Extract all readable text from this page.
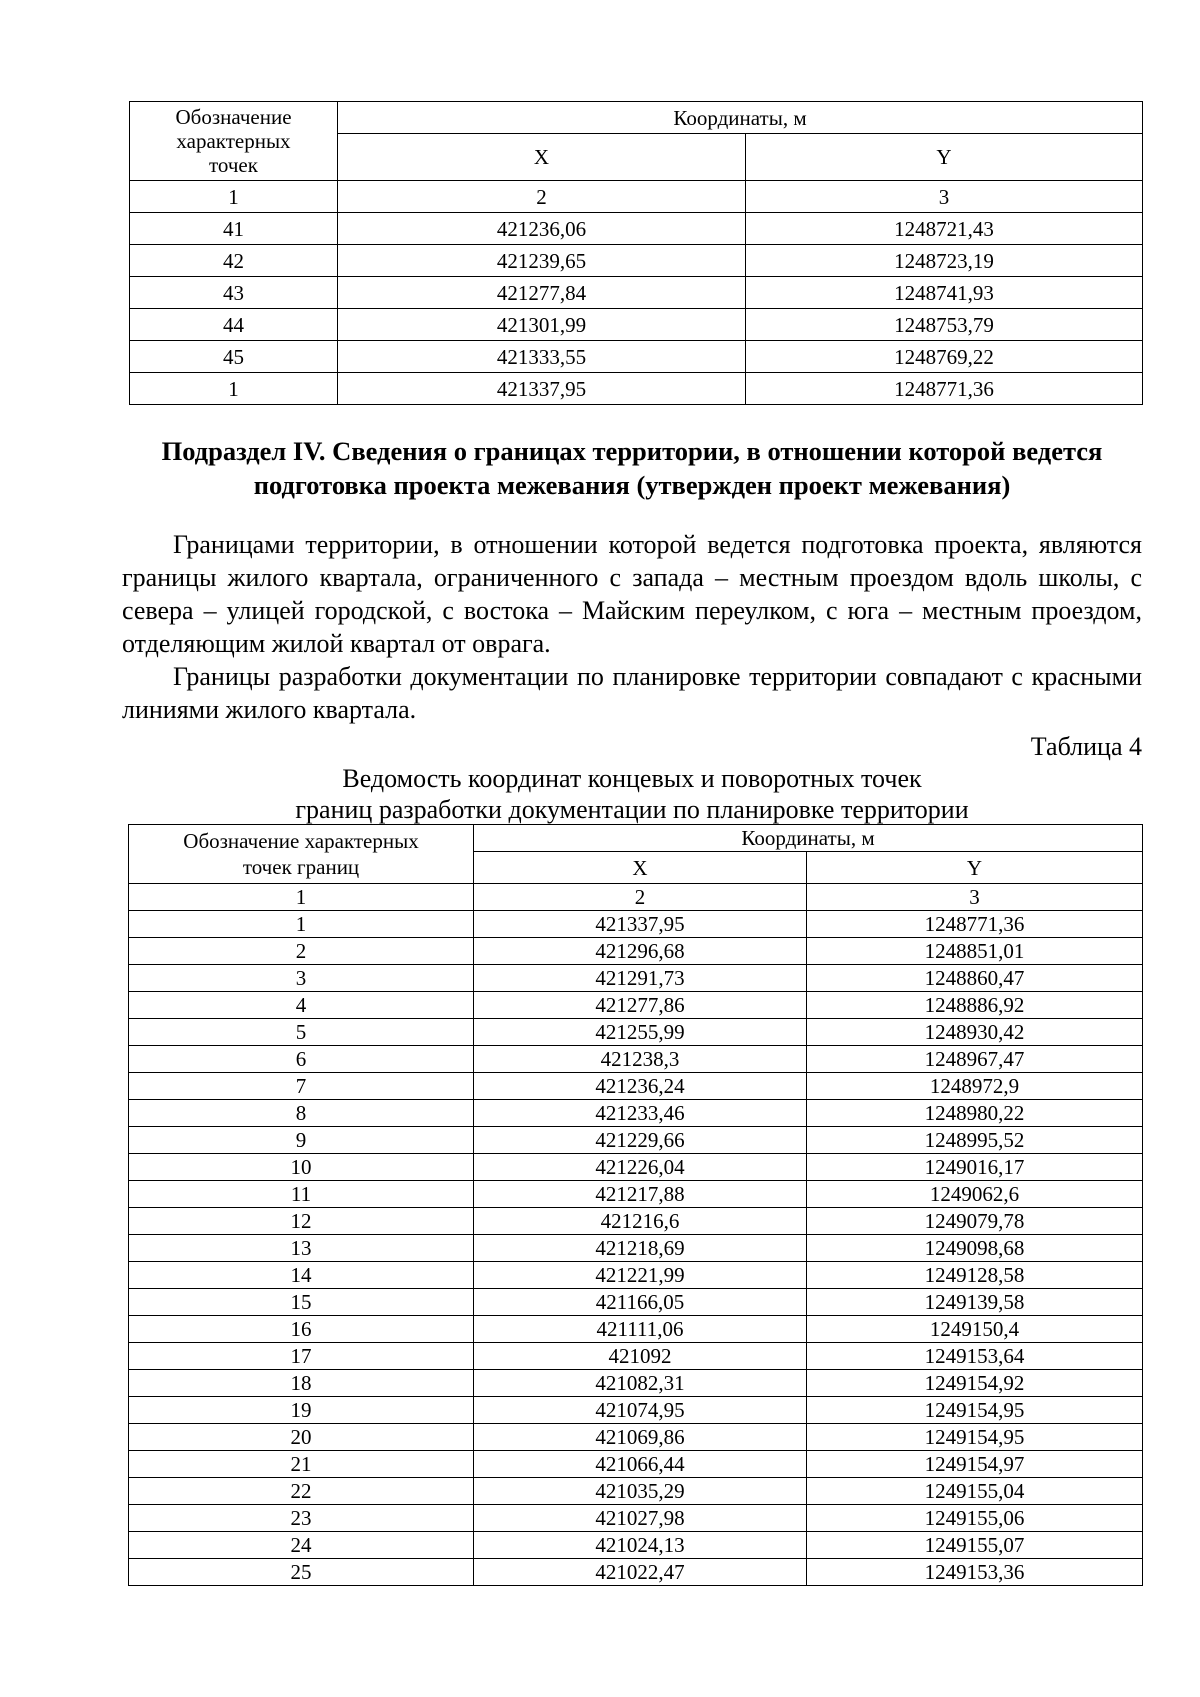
Обозначение характерных точек	Координаты, м	
	X	Y
1	2	3
41	421236,06	1248721,43
42	421239,65	1248723,19
43	421277,84	1248741,93
44	421301,99	1248753,79
45	421333,55	1248769,22
1	421337,95	1248771,36
Подраздел IV. Сведения о границах территории, в отношении которой ведется подготовка проекта межевания (утвержден проект межевания)

Границами территории, в отношении которой ведется подготовка проекта, являются границы жилого квартала, ограниченного с запада – местным проездом вдоль школы, с севера – улицей городской, с востока – Майским переулком, с юга – местным проездом, отделяющим жилой квартал от оврага.

Границы разработки документации по планировке территории совпадают с красными линиями жилого квартала.

Таблица 4
Ведомость координат концевых и поворотных точек
границ разработки документации по планировке территории
Обозначение характерных точек границ	Координаты, м	
	X	Y
1	2	3
1	421337,95	1248771,36
2	421296,68	1248851,01
3	421291,73	1248860,47
4	421277,86	1248886,92
5	421255,99	1248930,42
6	421238,3	1248967,47
7	421236,24	1248972,9
8	421233,46	1248980,22
9	421229,66	1248995,52
10	421226,04	1249016,17
11	421217,88	1249062,6
12	421216,6	1249079,78
13	421218,69	1249098,68
14	421221,99	1249128,58
15	421166,05	1249139,58
16	421111,06	1249150,4
17	421092	1249153,64
18	421082,31	1249154,92
19	421074,95	1249154,95
20	421069,86	1249154,95
21	421066,44	1249154,97
22	421035,29	1249155,04
23	421027,98	1249155,06
24	421024,13	1249155,07
25	421022,47	1249153,36
